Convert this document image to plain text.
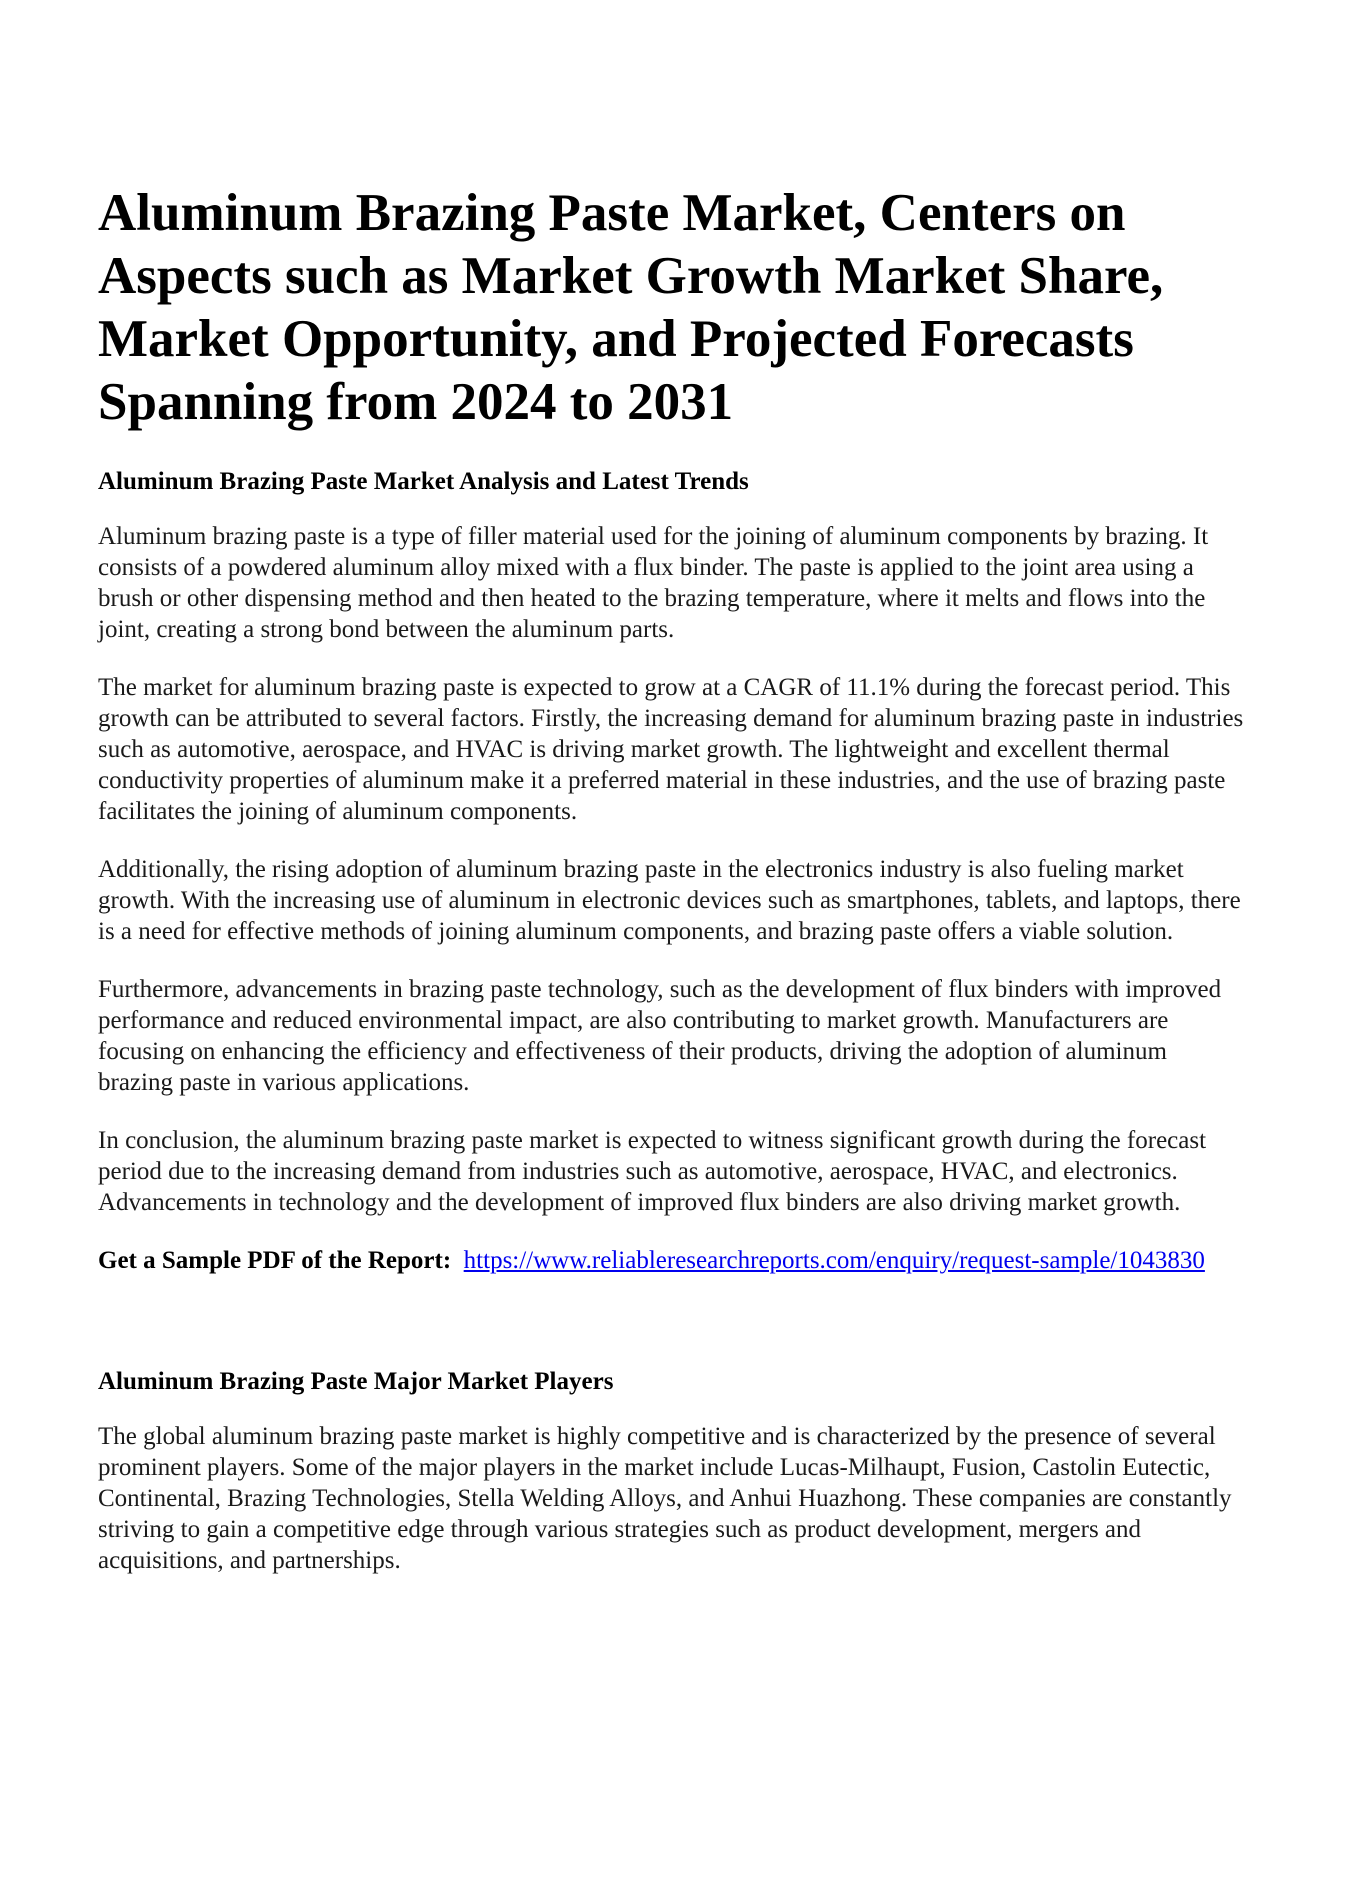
Aluminum Brazing Paste Market, Centers on Aspects such as Market Growth Market Share, Market Opportunity, and Projected Forecasts Spanning from 2024 to 2031
Aluminum Brazing Paste Market Analysis and Latest Trends

Aluminum brazing paste is a type of filler material used for the joining of aluminum components by brazing. It consists of a powdered aluminum alloy mixed with a flux binder. The paste is applied to the joint area using a brush or other dispensing method and then heated to the brazing temperature, where it melts and flows into the joint, creating a strong bond between the aluminum parts.

The market for aluminum brazing paste is expected to grow at a CAGR of 11.1% during the forecast period. This growth can be attributed to several factors. Firstly, the increasing demand for aluminum brazing paste in industries such as automotive, aerospace, and HVAC is driving market growth. The lightweight and excellent thermal conductivity properties of aluminum make it a preferred material in these industries, and the use of brazing paste facilitates the joining of aluminum components.

Additionally, the rising adoption of aluminum brazing paste in the electronics industry is also fueling market growth. With the increasing use of aluminum in electronic devices such as smartphones, tablets, and laptops, there is a need for effective methods of joining aluminum components, and brazing paste offers a viable solution.

Furthermore, advancements in brazing paste technology, such as the development of flux binders with improved performance and reduced environmental impact, are also contributing to market growth. Manufacturers are focusing on enhancing the efficiency and effectiveness of their products, driving the adoption of aluminum brazing paste in various applications.

In conclusion, the aluminum brazing paste market is expected to witness significant growth during the forecast period due to the increasing demand from industries such as automotive, aerospace, HVAC, and electronics. Advancements in technology and the development of improved flux binders are also driving market growth.

Get a Sample PDF of the Report: https://www.reliableresearchreports.com/enquiry/request-sample/1043830

Aluminum Brazing Paste Major Market Players

The global aluminum brazing paste market is highly competitive and is characterized by the presence of several prominent players. Some of the major players in the market include Lucas-Milhaupt, Fusion, Castolin Eutectic, Continental, Brazing Technologies, Stella Welding Alloys, and Anhui Huazhong. These companies are constantly striving to gain a competitive edge through various strategies such as product development, mergers and acquisitions, and partnerships.
